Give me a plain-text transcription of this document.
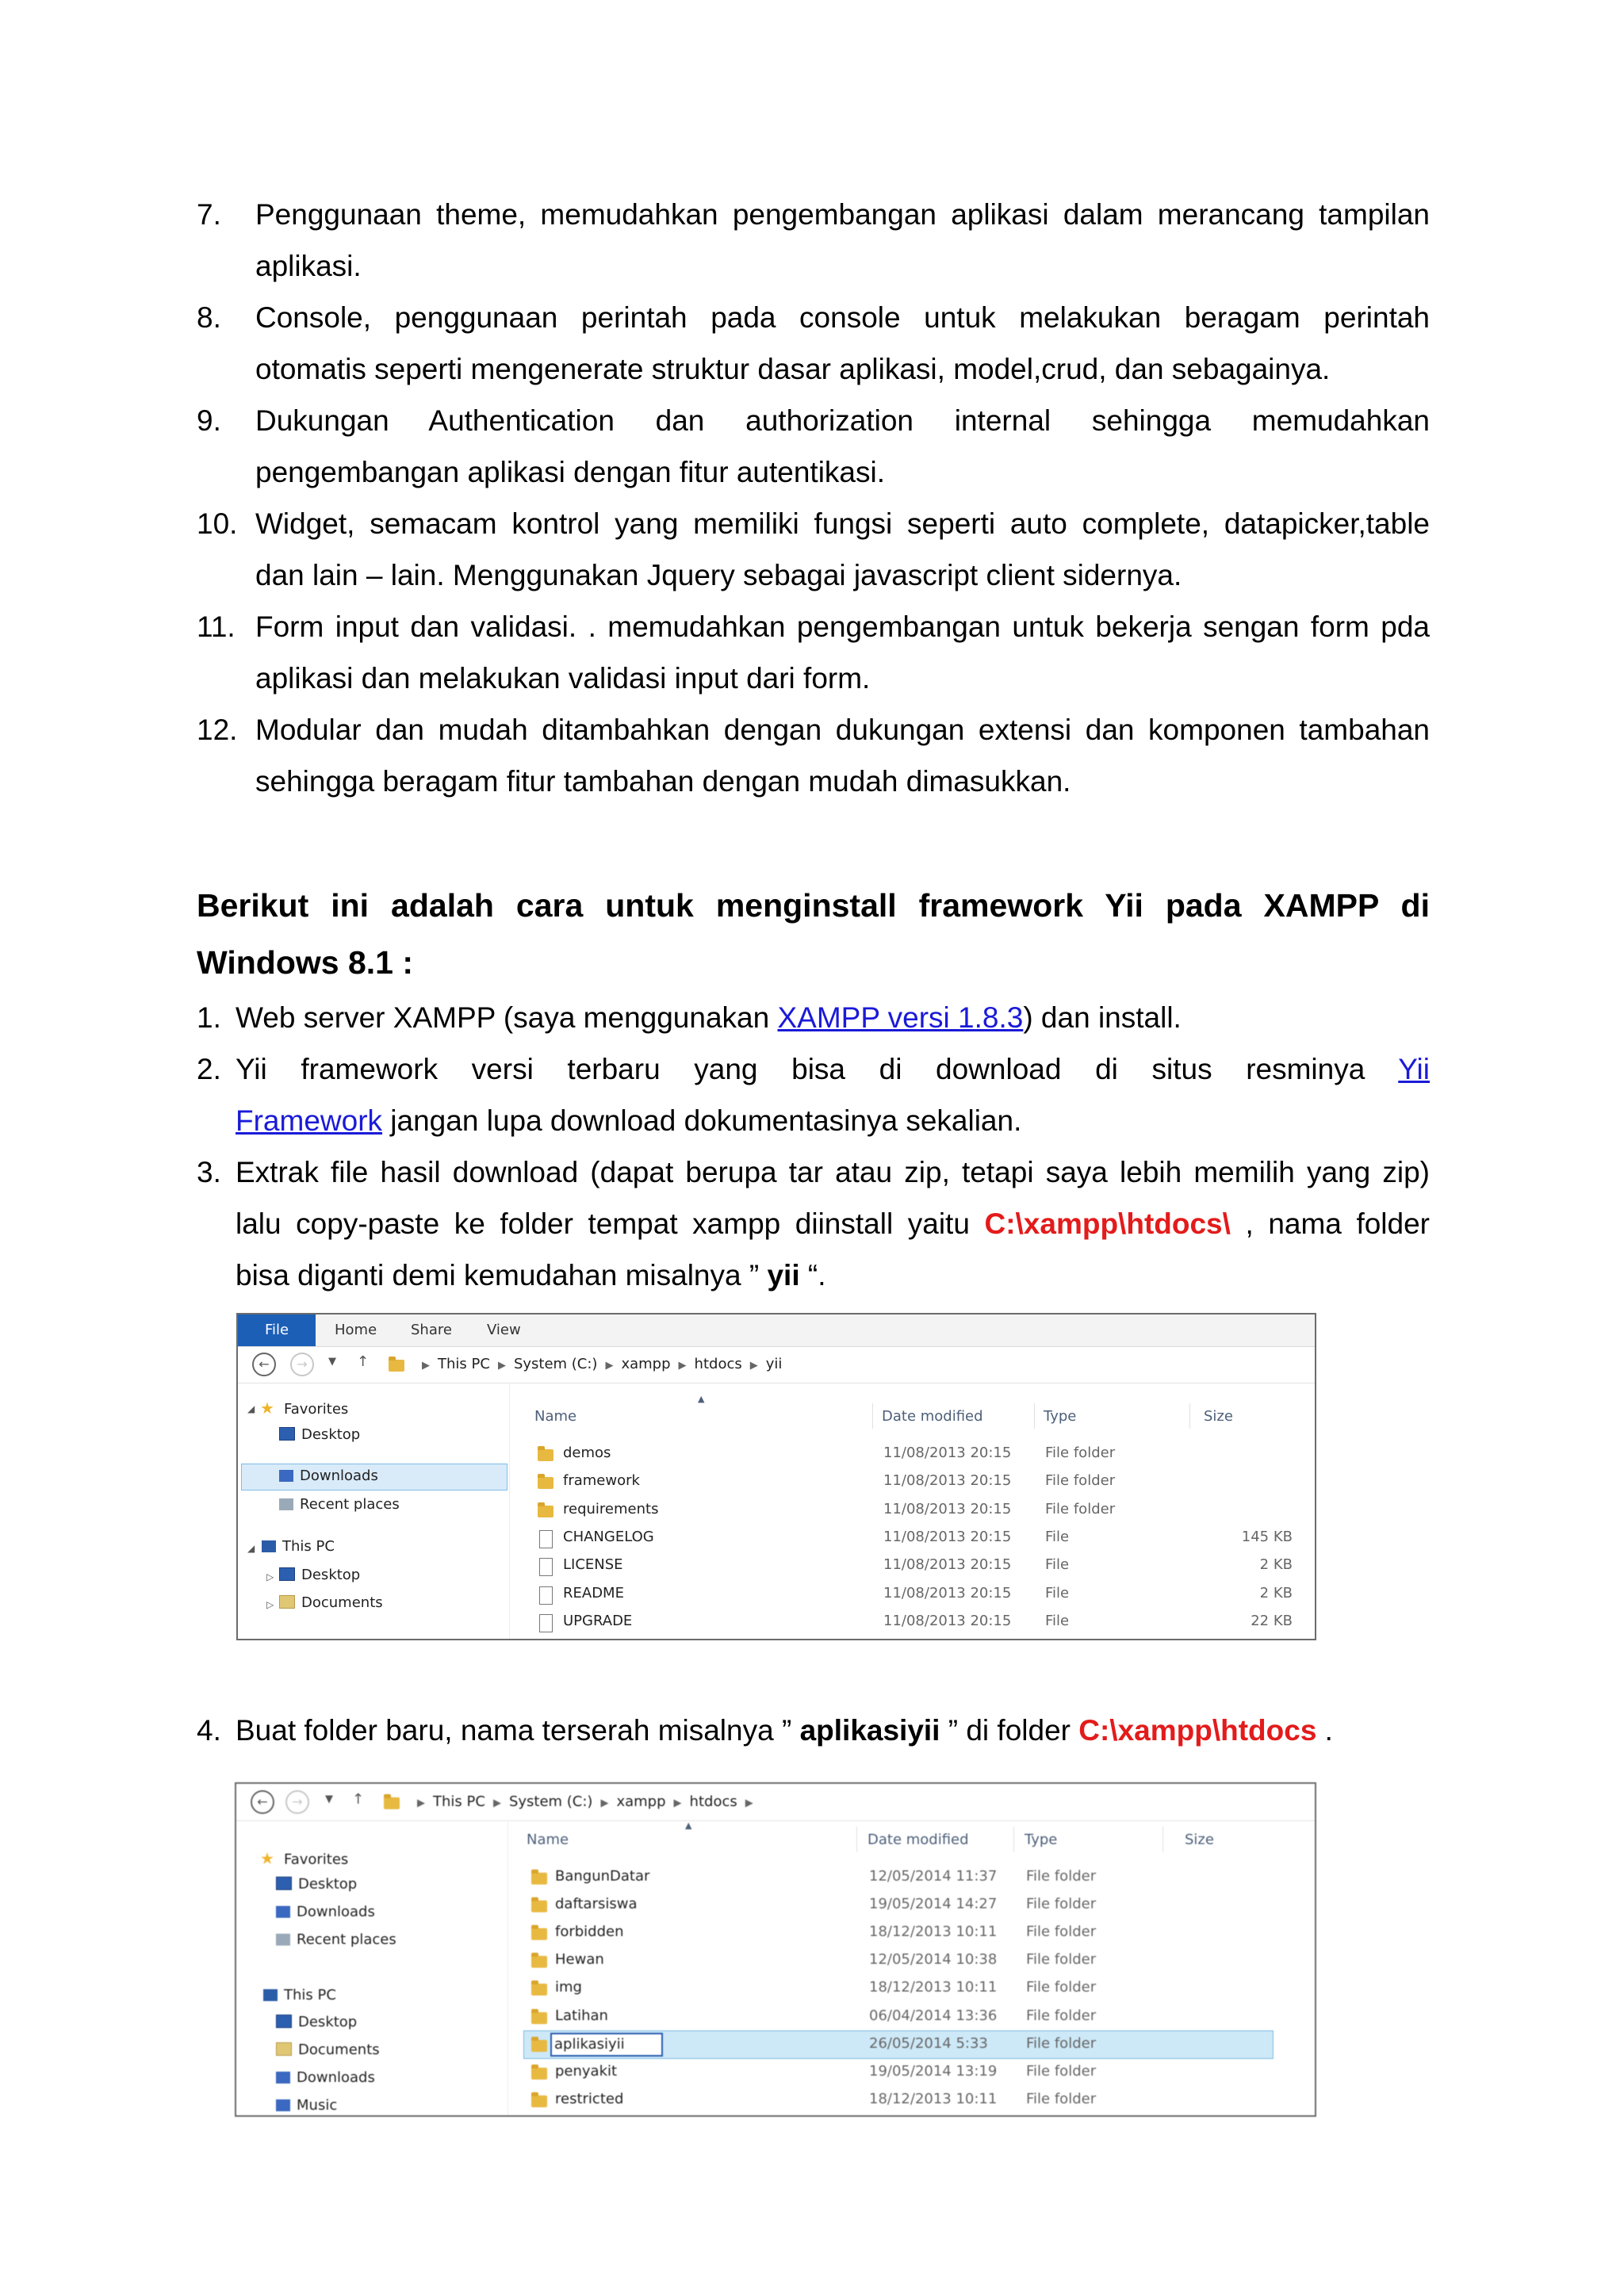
7. Penggunaan theme, memudahkan pengembangan aplikasi dalam merancang tampilan
aplikasi.
8. Console, penggunaan perintah pada console untuk melakukan beragam perintah
otomatis seperti mengenerate struktur dasar aplikasi, model,crud, dan sebagainya.
9. Dukungan Authentication dan authorization internal sehingga memudahkan
pengembangan aplikasi dengan fitur autentikasi.
10. Widget, semacam kontrol yang memiliki fungsi seperti auto complete, datapicker,table
dan lain – lain. Menggunakan Jquery sebagai javascript client sidernya.
11. Form input dan validasi. . memudahkan pengembangan untuk bekerja sengan form pda
aplikasi dan melakukan validasi input dari form.
12. Modular dan mudah ditambahkan dengan dukungan extensi dan komponen tambahan
sehingga beragam fitur tambahan dengan mudah dimasukkan.
Berikut ini adalah cara untuk menginstall framework Yii pada XAMPP di
Windows 8.1 :
1. Web server XAMPP (saya menggunakan XAMPP versi 1.8.3) dan install.
2. Yii framework versi terbaru yang bisa di download di situs resminya Yii
Framework jangan lupa download dokumentasinya sekalian.
3. Extrak file hasil download (dapat berupa tar atau zip, tetapi saya lebih memilih yang zip)
lalu copy-paste ke folder tempat xampp diinstall yaitu C:\xampp\htdocs\ , nama folder
bisa diganti demi kemudahan misalnya ” yii “.
File	Home Share View
←	→	▼ ↑	▶ This PC ▶ System (C:) ▶ xampp ▶ htdocs ▶ yii
◢ ★ Favorites
Desktop
Downloads
Recent places
◢	This PC
▷	Desktop
▷	Documents
Name
▲
Date modified	Type	Size
demos	11/08/2013 20:15 File folder
framework	11/08/2013 20:15 File folder
requirements	11/08/2013 20:15 File folder
CHANGELOG	11/08/2013 20:15 File	145 KB
LICENSE	11/08/2013 20:15 File	2 KB
README	11/08/2013 20:15 File	2 KB
UPGRADE	11/08/2013 20:15 File	22 KB
4. Buat folder baru, nama terserah misalnya ” aplikasiyii ” di folder C:\xampp\htdocs .
←	→	▼ ↑	▶ This PC ▶ System (C:) ▶ xampp ▶ htdocs ▶
★ Favorites
Desktop
Downloads
Recent places
This PC
Desktop
Documents
Downloads
Music
Name
▲
Date modified	Type	Size
BangunDatar	12/05/2014 11:37 File folder
daftarsiswa	19/05/2014 14:27 File folder
forbidden	18/12/2013 10:11 File folder
Hewan	12/05/2014 10:38 File folder
img	18/12/2013 10:11 File folder
Latihan	06/04/2014 13:36 File folder
aplikasiyii	26/05/2014 5:33	File folder
penyakit	19/05/2014 13:19 File folder
restricted	18/12/2013 10:11 File folder
